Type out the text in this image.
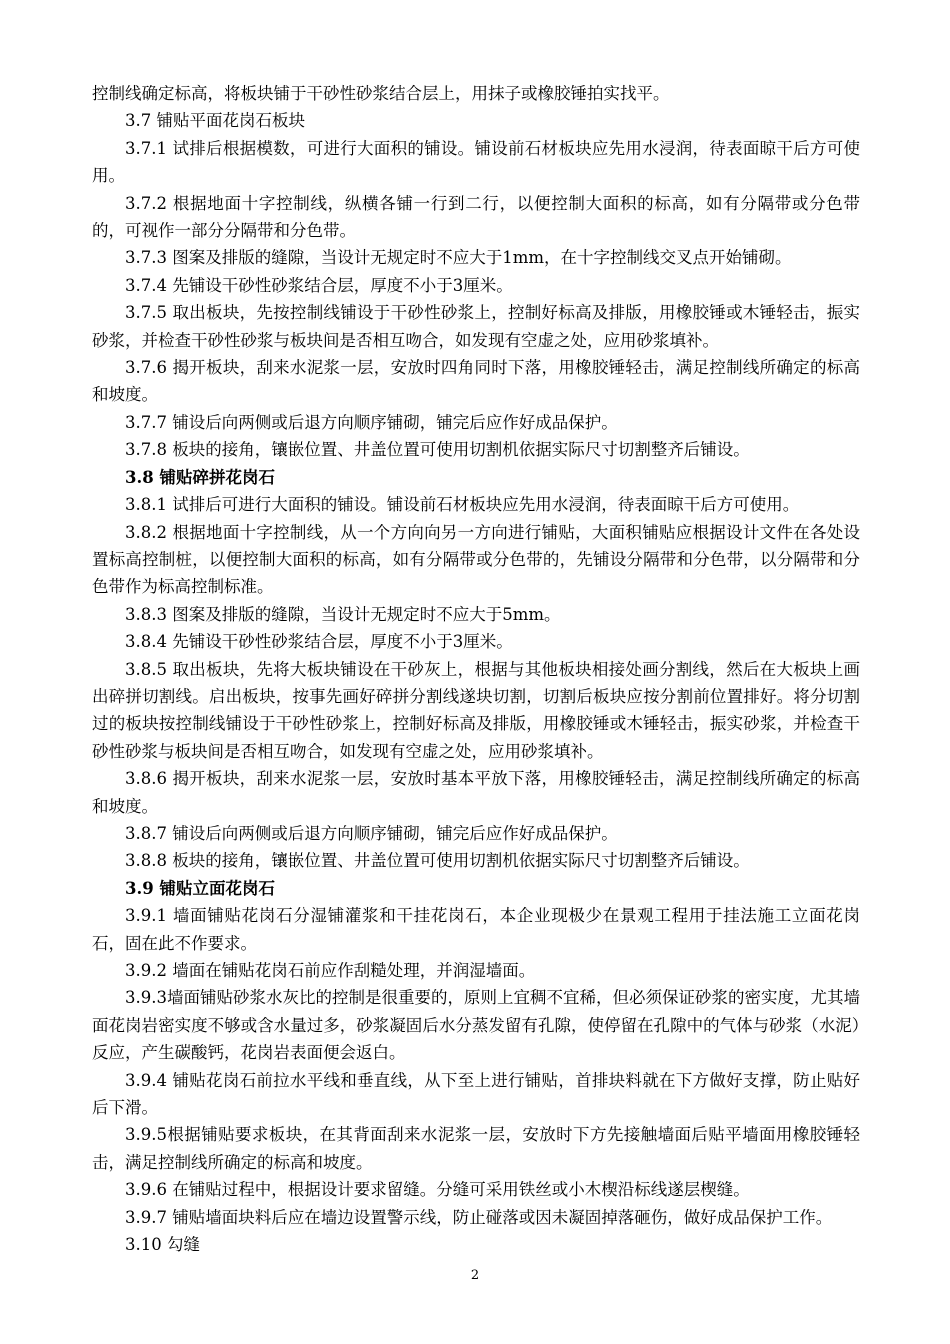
控制线确定标高，将板块铺于干砂性砂浆结合层上，用抹子或橡胶锤拍实找平。

3.7 铺贴平面花岗石板块

3.7.1 试排后根据模数，可进行大面积的铺设。铺设前石材板块应先用水浸润，待表面晾干后方可使用。

3.7.2 根据地面十字控制线，纵横各铺一行到二行，以便控制大面积的标高，如有分隔带或分色带的，可视作一部分分隔带和分色带。

3.7.3 图案及排版的缝隙，当设计无规定时不应大于1mm，在十字控制线交叉点开始铺砌。

3.7.4 先铺设干砂性砂浆结合层，厚度不小于3厘米。

3.7.5 取出板块，先按控制线铺设于干砂性砂浆上，控制好标高及排版，用橡胶锤或木锤轻击，振实砂浆，并检查干砂性砂浆与板块间是否相互吻合，如发现有空虚之处，应用砂浆填补。

3.7.6 揭开板块，刮来水泥浆一层，安放时四角同时下落，用橡胶锤轻击，满足控制线所确定的标高和坡度。

3.7.7 铺设后向两侧或后退方向顺序铺砌，铺完后应作好成品保护。

3.7.8 板块的接角，镶嵌位置、井盖位置可使用切割机依据实际尺寸切割整齐后铺设。

3.8 铺贴碎拼花岗石

3.8.1 试排后可进行大面积的铺设。铺设前石材板块应先用水浸润，待表面晾干后方可使用。

3.8.2 根据地面十字控制线，从一个方向向另一方向进行铺贴，大面积铺贴应根据设计文件在各处设置标高控制桩，以便控制大面积的标高，如有分隔带或分色带的，先铺设分隔带和分色带，以分隔带和分色带作为标高控制标准。

3.8.3 图案及排版的缝隙，当设计无规定时不应大于5mm。

3.8.4 先铺设干砂性砂浆结合层，厚度不小于3厘米。

3.8.5 取出板块，先将大板块铺设在干砂灰上，根据与其他板块相接处画分割线，然后在大板块上画出碎拼切割线。启出板块，按事先画好碎拼分割线遂块切割，切割后板块应按分割前位置排好。将分切割过的板块按控制线铺设于干砂性砂浆上，控制好标高及排版，用橡胶锤或木锤轻击，振实砂浆，并检查干砂性砂浆与板块间是否相互吻合，如发现有空虚之处，应用砂浆填补。

3.8.6 揭开板块，刮来水泥浆一层，安放时基本平放下落，用橡胶锤轻击，满足控制线所确定的标高和坡度。

3.8.7 铺设后向两侧或后退方向顺序铺砌，铺完后应作好成品保护。

3.8.8 板块的接角，镶嵌位置、井盖位置可使用切割机依据实际尺寸切割整齐后铺设。

3.9 铺贴立面花岗石

3.9.1 墙面铺贴花岗石分湿铺灌浆和干挂花岗石，本企业现极少在景观工程用于挂法施工立面花岗石，固在此不作要求。

3.9.2 墙面在铺贴花岗石前应作刮糙处理，并润湿墙面。

3.9.3墙面铺贴砂浆水灰比的控制是很重要的，原则上宜稠不宜稀，但必须保证砂浆的密实度，尤其墙面花岗岩密实度不够或含水量过多，砂浆凝固后水分蒸发留有孔隙，使停留在孔隙中的气体与砂浆（水泥）反应，产生碳酸钙，花岗岩表面便会返白。

3.9.4 铺贴花岗石前拉水平线和垂直线，从下至上进行铺贴，首排块料就在下方做好支撑，防止贴好后下滑。

3.9.5根据铺贴要求板块，在其背面刮来水泥浆一层，安放时下方先接触墙面后贴平墙面用橡胶锤轻击，满足控制线所确定的标高和坡度。

3.9.6 在铺贴过程中，根据设计要求留缝。分缝可采用铁丝或小木楔沿标线遂层楔缝。

3.9.7 铺贴墙面块料后应在墙边设置警示线，防止碰落或因未凝固掉落砸伤，做好成品保护工作。

3.10 勾缝

2
